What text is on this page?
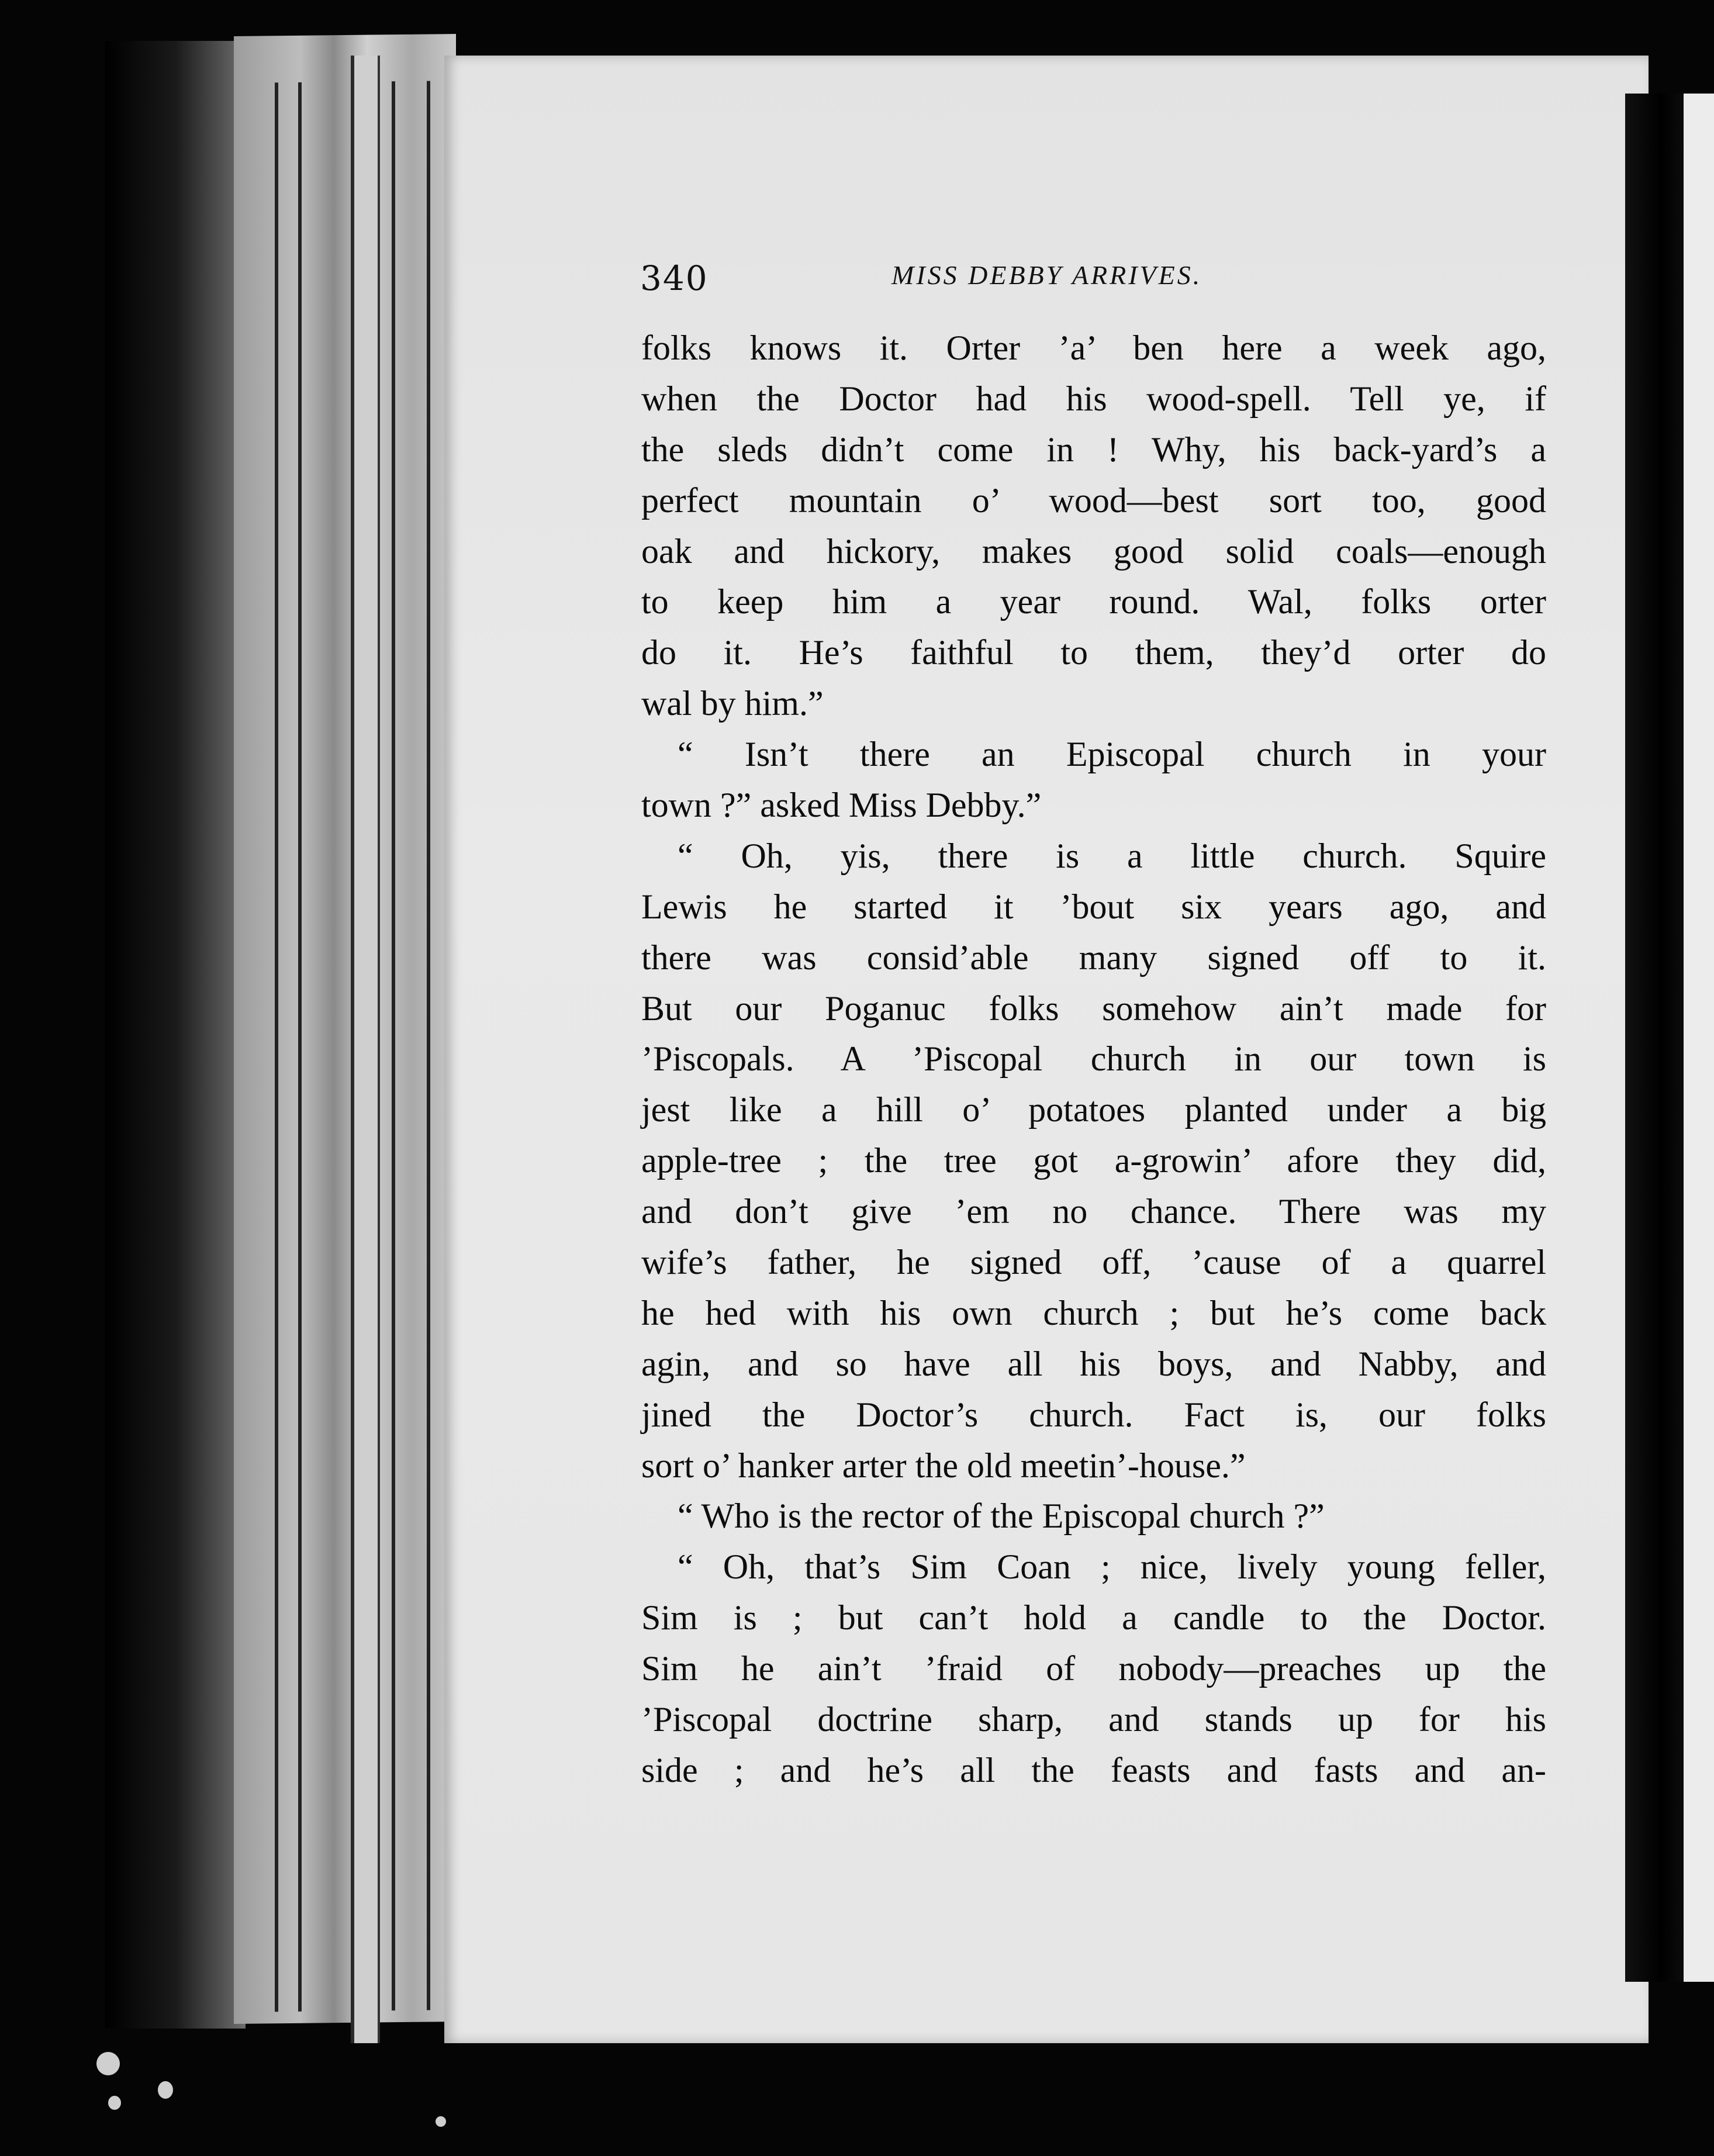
340	MISS DEBBY ARRIVES.
folks knows it. Orter ’a’ ben here a week ago,
when the Doctor had his wood-spell. Tell ye, if
the sleds didn’t come in ! Why, his back-yard’s a
perfect mountain o’ wood—best sort too, good
oak and hickory, makes good solid coals—enough
to keep him a year round. Wal, folks orter
do it. He’s faithful to them, they’d orter do
wal by him.”
“ Isn’t there an Episcopal church in your
town ?” asked Miss Debby.”
“ Oh, yis, there is a little church. Squire
Lewis he started it ’bout six years ago, and
there was consid’able many signed off to it.
But our Poganuc folks somehow ain’t made for
’Piscopals. A ’Piscopal church in our town is
jest like a hill o’ potatoes planted under a big
apple-tree ; the tree got a-growin’ afore they did,
and don’t give ’em no chance. There was my
wife’s father, he signed off, ’cause of a quarrel
he hed with his own church ; but he’s come back
agin, and so have all his boys, and Nabby, and
jined the Doctor’s church. Fact is, our folks
sort o’ hanker arter the old meetin’-house.”
“ Who is the rector of the Episcopal church ?”
“ Oh, that’s Sim Coan ; nice, lively young feller,
Sim is ; but can’t hold a candle to the Doctor.
Sim he ain’t ’fraid of nobody—preaches up the
’Piscopal doctrine sharp, and stands up for his
side ; and he’s all the feasts and fasts and an-
